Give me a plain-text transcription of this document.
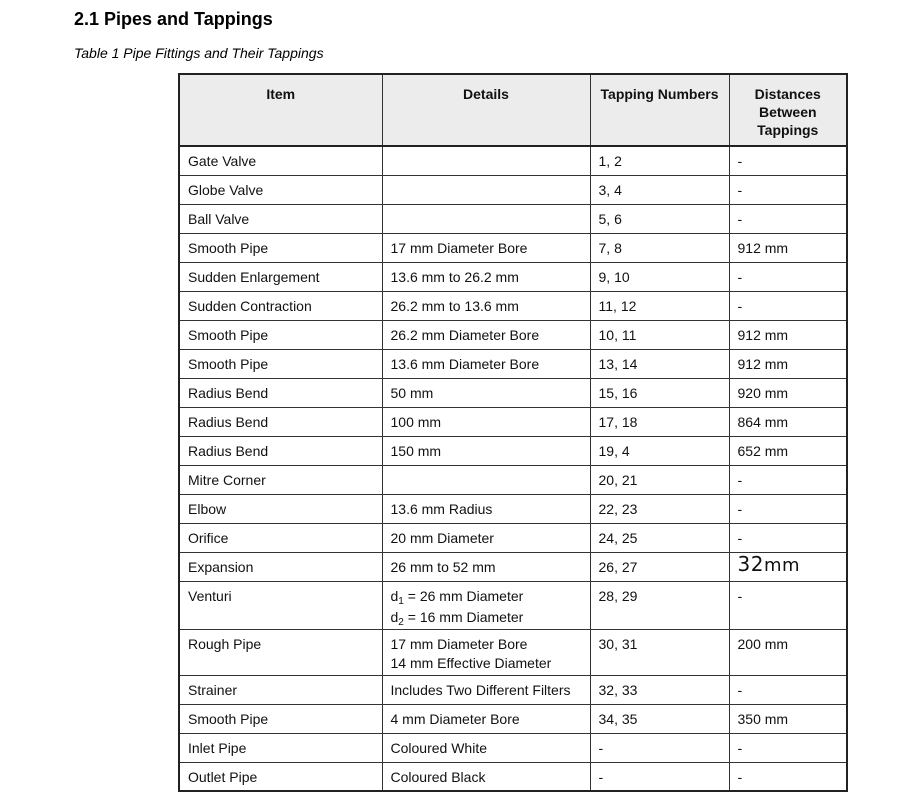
2.1 Pipes and Tappings

Table 1 Pipe Fittings and Their Tappings

Item	Details	Tapping Numbers	Distances
Between
Tappings
Gate Valve		1, 2	-
Globe Valve		3, 4	-
Ball Valve		5, 6	-
Smooth Pipe	17 mm Diameter Bore	7, 8	912 mm
Sudden Enlargement	13.6 mm to 26.2 mm	9, 10	-
Sudden Contraction	26.2 mm to 13.6 mm	11, 12	-
Smooth Pipe	26.2 mm Diameter Bore	10, 11	912 mm
Smooth Pipe	13.6 mm Diameter Bore	13, 14	912 mm
Radius Bend	50 mm	15, 16	920 mm
Radius Bend	100 mm	17, 18	864 mm
Radius Bend	150 mm	19, 4	652 mm
Mitre Corner		20, 21	-
Elbow	13.6 mm Radius	22, 23	-
Orifice	20 mm Diameter	24, 25	-
Expansion	26 mm to 52 mm	26, 27	32mm
Venturi	$d_1 = 26$ mm Diameter
$d_2 = 16$ mm Diameter	28, 29	-
Rough Pipe	17 mm Diameter Bore
14 mm Effective Diameter	30, 31	200 mm
Strainer	Includes Two Different Filters	32, 33	-
Smooth Pipe	4 mm Diameter Bore	34, 35	350 mm
Inlet Pipe	Coloured White	-	-
Outlet Pipe	Coloured Black	-	-
